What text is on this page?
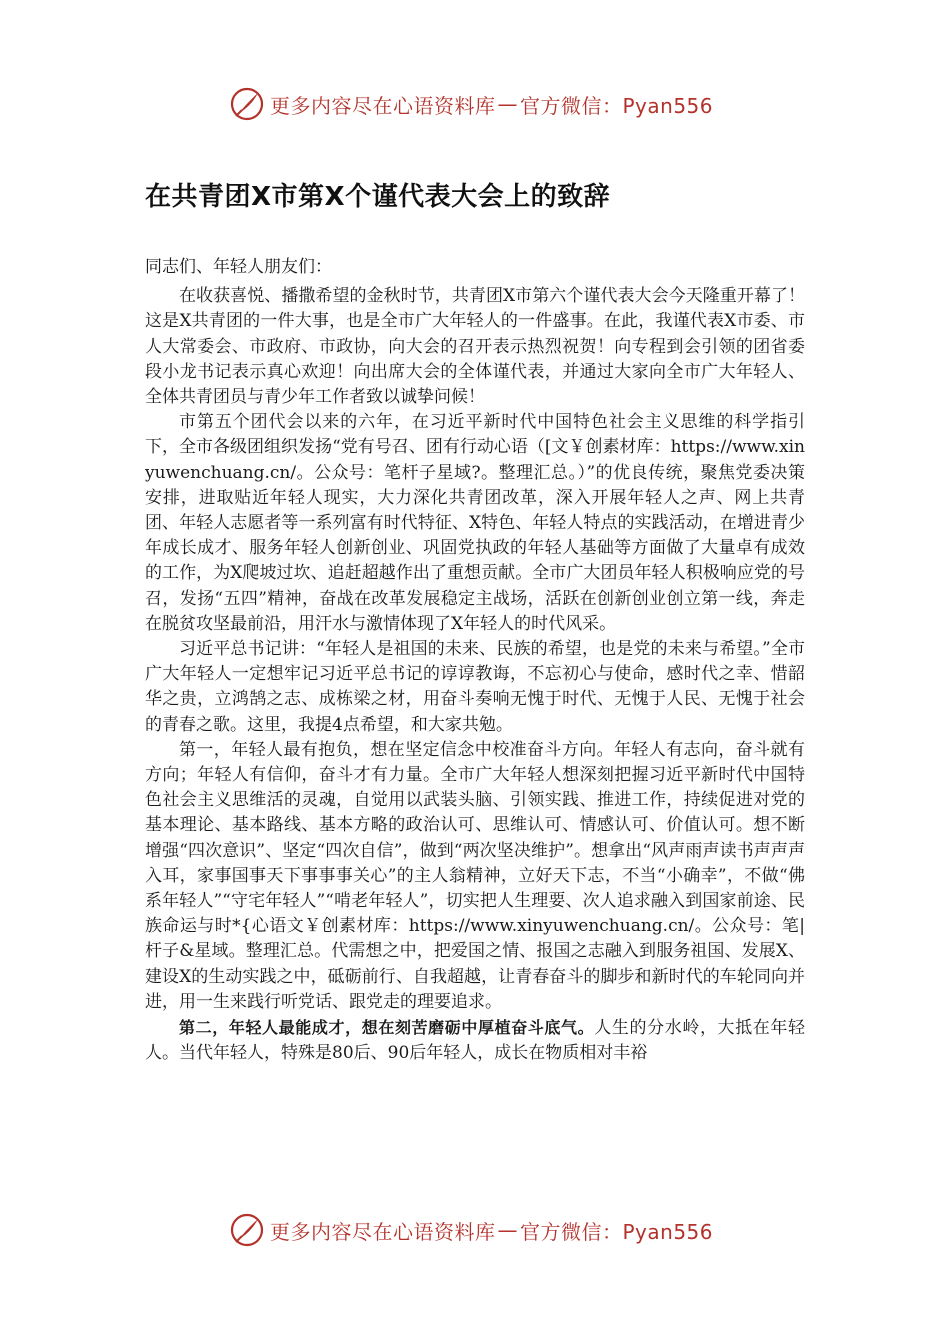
更多内容尽在心语资料库 — 官方微信：Pyan556
在共青团X市第X个谨代表大会上的致辞

同志们、年轻人朋友们：

在收获喜悦、播撒希望的金秋时节，共青团X市第六个谨代表大会今天隆重开幕了！这是X共青团的一件大事，也是全市广大年轻人的一件盛事。在此，我谨代表X市委、市人大常委会、市政府、市政协，向大会的召开表示热烈祝贺！向专程到会引领的团省委段小龙书记表示真心欢迎！向出席大会的全体谨代表，并通过大家向全市广大年轻人、全体共青团员与青少年工作者致以诚挚问候！

市第五个团代会以来的六年，在习近平新时代中国特色社会主义思维的科学指引下，全市各级团组织发扬“党有号召、团有行动心语（[文￥创素材库：https://www.xinyuwenchuang.cn/。公众号：笔杆子星域?。整理汇总。）”的优良传统，聚焦党委决策安排，进取贴近年轻人现实，大力深化共青团改革，深入开展年轻人之声、网上共青团、年轻人志愿者等一系列富有时代特征、X特色、年轻人特点的实践活动，在增进青少年成长成才、服务年轻人创新创业、巩固党执政的年轻人基础等方面做了大量卓有成效的工作，为X爬坡过坎、追赶超越作出了重想贡献。全市广大团员年轻人积极响应党的号召，发扬“五四”精神，奋战在改革发展稳定主战场，活跃在创新创业创立第一线，奔走在脱贫攻坚最前沿，用汗水与激情体现了X年轻人的时代风采。

习近平总书记讲：“年轻人是祖国的未来、民族的希望，也是党的未来与希望。”全市广大年轻人一定想牢记习近平总书记的谆谆教诲，不忘初心与使命，感时代之幸、惜韶华之贵，立鸿鹄之志、成栋梁之材，用奋斗奏响无愧于时代、无愧于人民、无愧于社会的青春之歌。这里，我提4点希望，和大家共勉。

第一，年轻人最有抱负，想在坚定信念中校准奋斗方向。年轻人有志向，奋斗就有方向；年轻人有信仰，奋斗才有力量。全市广大年轻人想深刻把握习近平新时代中国特色社会主义思维活的灵魂，自觉用以武装头脑、引领实践、推进工作，持续促进对党的基本理论、基本路线、基本方略的政治认可、思维认可、情感认可、价值认可。想不断增强“四次意识”、坚定“四次自信”，做到“两次坚决维护”。想拿出“风声雨声读书声声声入耳，家事国事天下事事事关心”的主人翁精神，立好天下志，不当“小确幸”，不做“佛系年轻人”“守宅年轻人”“啃老年轻人”，切实把人生理要、次人追求融入到国家前途、民族命运与时*{心语文￥创素材库：https://www.xinyuwenchuang.cn/。公众号：笔|杆子&星域。整理汇总。代需想之中，把爱国之情、报国之志融入到服务祖国、发展X、建设X的生动实践之中，砥砺前行、自我超越，让青春奋斗的脚步和新时代的车轮同向并进，用一生来践行听党话、跟党走的理要追求。

第二，年轻人最能成才，想在刻苦磨砺中厚植奋斗底气。人生的分水岭，大抵在年轻人。当代年轻人，特殊是80后、90后年轻人，成长在物质相对丰裕

更多内容尽在心语资料库 — 官方微信：Pyan556
